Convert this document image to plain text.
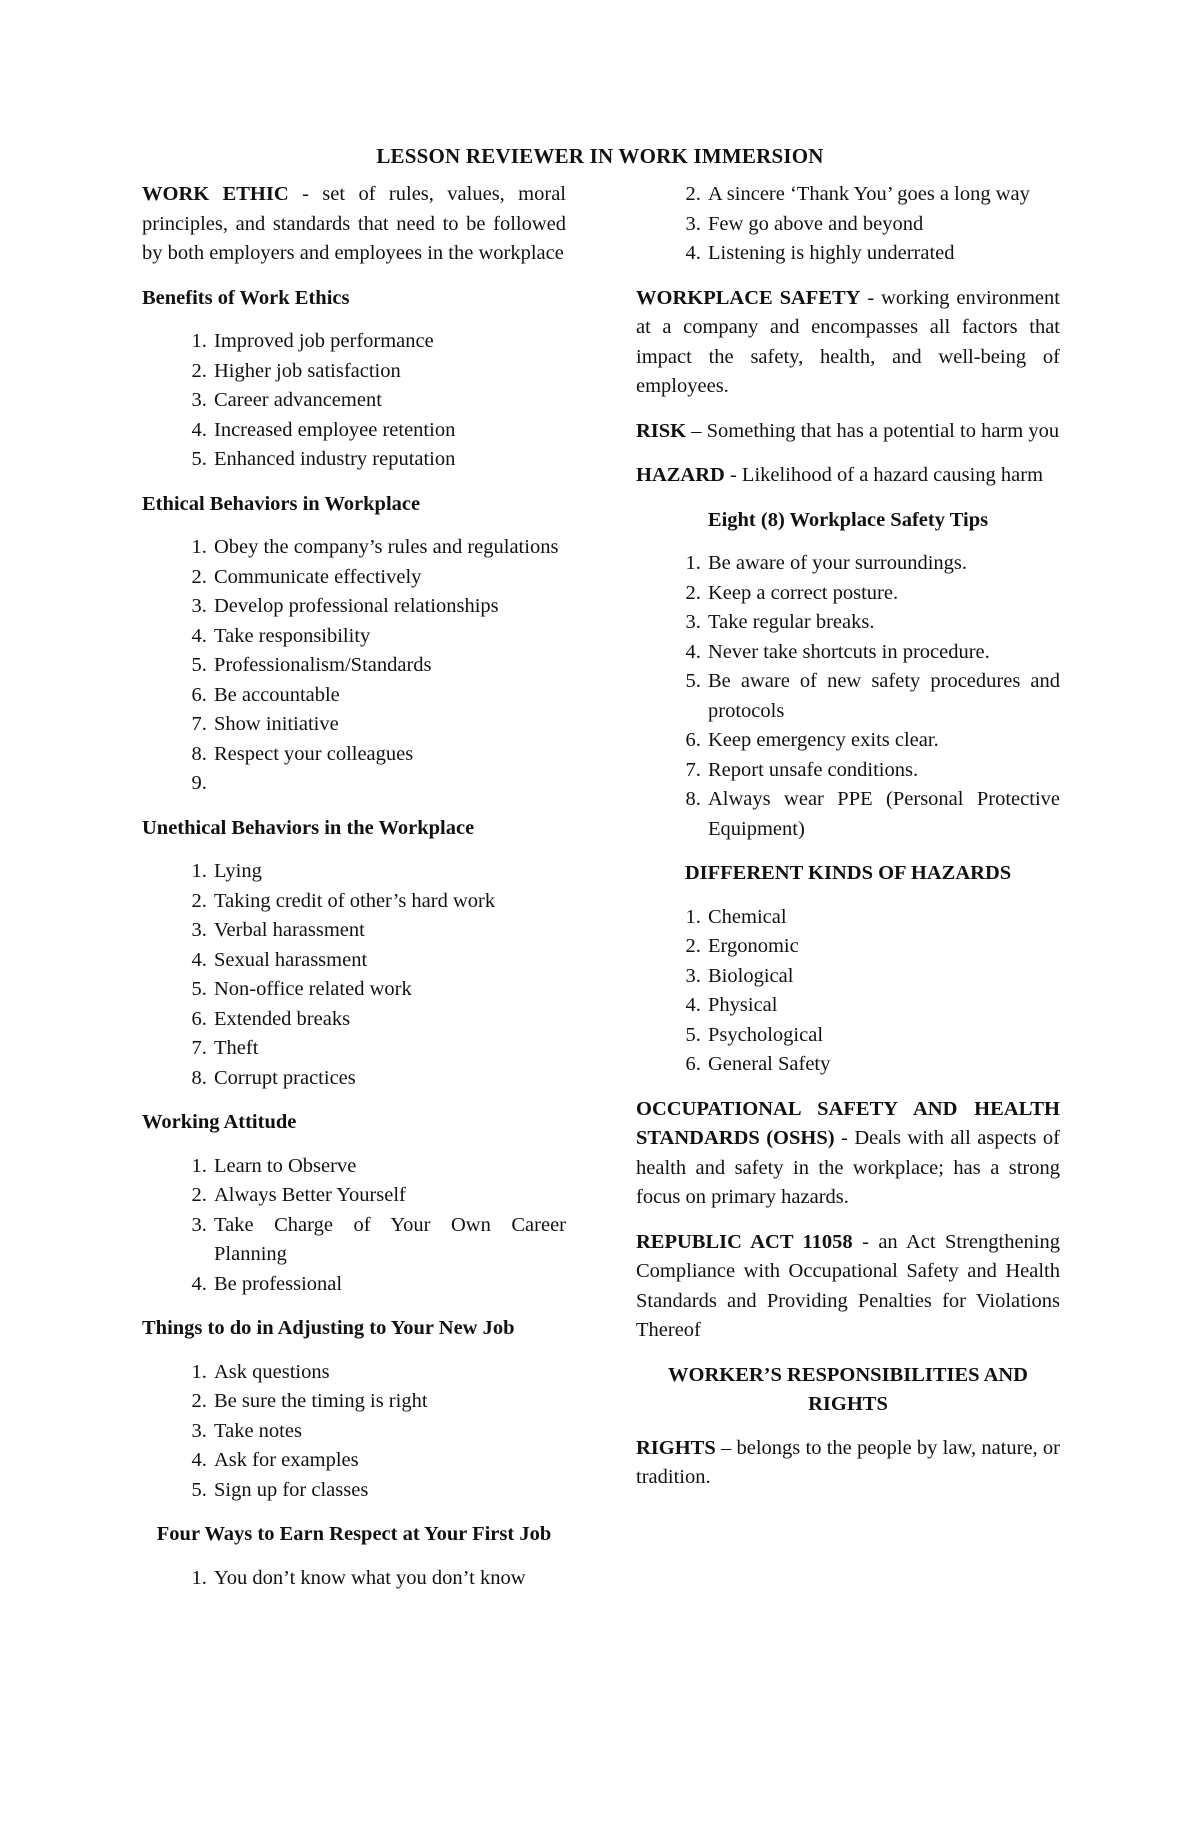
LESSON REVIEWER IN WORK IMMERSION

WORK ETHIC - set of rules, values, moral principles, and standards that need to be followed by both employers and employees in the workplace

Benefits of Work Ethics
1. Improved job performance
2. Higher job satisfaction
3. Career advancement
4. Increased employee retention
5. Enhanced industry reputation
Ethical Behaviors in Workplace
1. Obey the company’s rules and regulations
2. Communicate effectively
3. Develop professional relationships
4. Take responsibility
5. Professionalism/Standards
6. Be accountable
7. Show initiative
8. Respect your colleagues
9.
Unethical Behaviors in the Workplace
1. Lying
2. Taking credit of other’s hard work
3. Verbal harassment
4. Sexual harassment
5. Non-office related work
6. Extended breaks
7. Theft
8. Corrupt practices
Working Attitude
1. Learn to Observe
2. Always Better Yourself
3. Take Charge of Your Own Career Planning
4. Be professional
Things to do in Adjusting to Your New Job
1. Ask questions
2. Be sure the timing is right
3. Take notes
4. Ask for examples
5. Sign up for classes
Four Ways to Earn Respect at Your First Job
1. You don’t know what you don’t know
2. A sincere ‘Thank You’ goes a long way
3. Few go above and beyond
4. Listening is highly underrated

WORKPLACE SAFETY - working environment at a company and encompasses all factors that impact the safety, health, and well-being of employees.

RISK – Something that has a potential to harm you

HAZARD - Likelihood of a hazard causing harm

Eight (8) Workplace Safety Tips
1. Be aware of your surroundings.
2. Keep a correct posture.
3. Take regular breaks.
4. Never take shortcuts in procedure.
5. Be aware of new safety procedures and protocols
6. Keep emergency exits clear.
7. Report unsafe conditions.
8. Always wear PPE (Personal Protective Equipment)
DIFFERENT KINDS OF HAZARDS
1. Chemical
2. Ergonomic
3. Biological
4. Physical
5. Psychological
6. General Safety

OCCUPATIONAL SAFETY AND HEALTH STANDARDS (OSHS) - Deals with all aspects of health and safety in the workplace; has a strong focus on primary hazards.

REPUBLIC ACT 11058 - an Act Strengthening Compliance with Occupational Safety and Health Standards and Providing Penalties for Violations Thereof

WORKER’S RESPONSIBILITIES AND RIGHTS

RIGHTS – belongs to the people by law, nature, or tradition.
